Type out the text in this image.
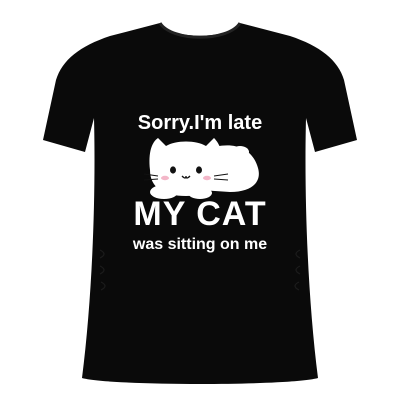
Sorry.I'm late

MY CAT

was sitting on me
